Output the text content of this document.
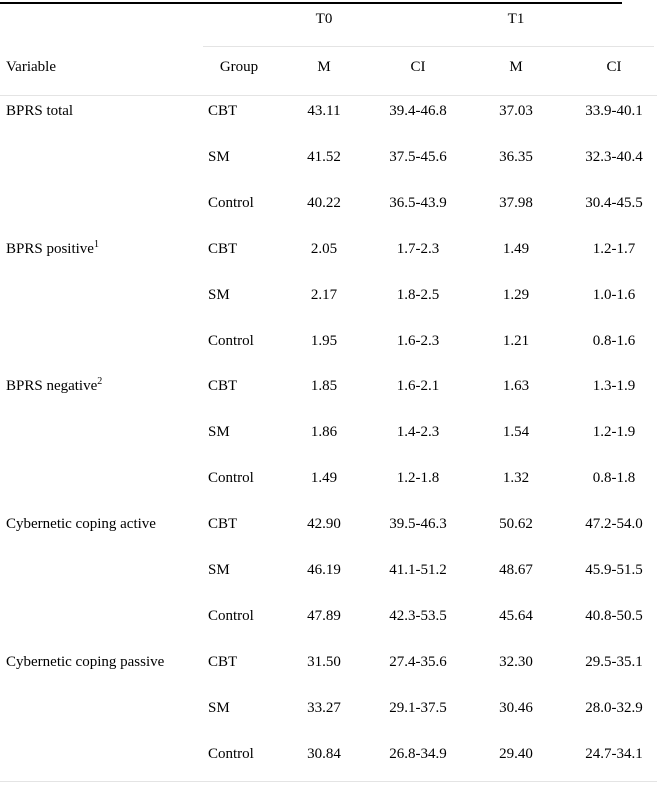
T0	T1
Variable	Group	M	CI	M	CI
BPRS total	CBT	43.11	39.4-46.8	37.03	33.9-40.1
SM	41.52	37.5-45.6	36.35	32.3-40.4
Control	40.22	36.5-43.9	37.98	30.4-45.5
BPRS positive$^1$	CBT	2.05	1.7-2.3	1.49	1.2-1.7
SM	2.17	1.8-2.5	1.29	1.0-1.6
Control	1.95	1.6-2.3	1.21	0.8-1.6
BPRS negative$^2$	CBT	1.85	1.6-2.1	1.63	1.3-1.9
SM	1.86	1.4-2.3	1.54	1.2-1.9
Control	1.49	1.2-1.8	1.32	0.8-1.8
Cybernetic coping active	CBT	42.90	39.5-46.3	50.62	47.2-54.0
SM	46.19	41.1-51.2	48.67	45.9-51.5
Control	47.89	42.3-53.5	45.64	40.8-50.5
Cybernetic coping passive	CBT	31.50	27.4-35.6	32.30	29.5-35.1
SM	33.27	29.1-37.5	30.46	28.0-32.9
Control	30.84	26.8-34.9	29.40	24.7-34.1
